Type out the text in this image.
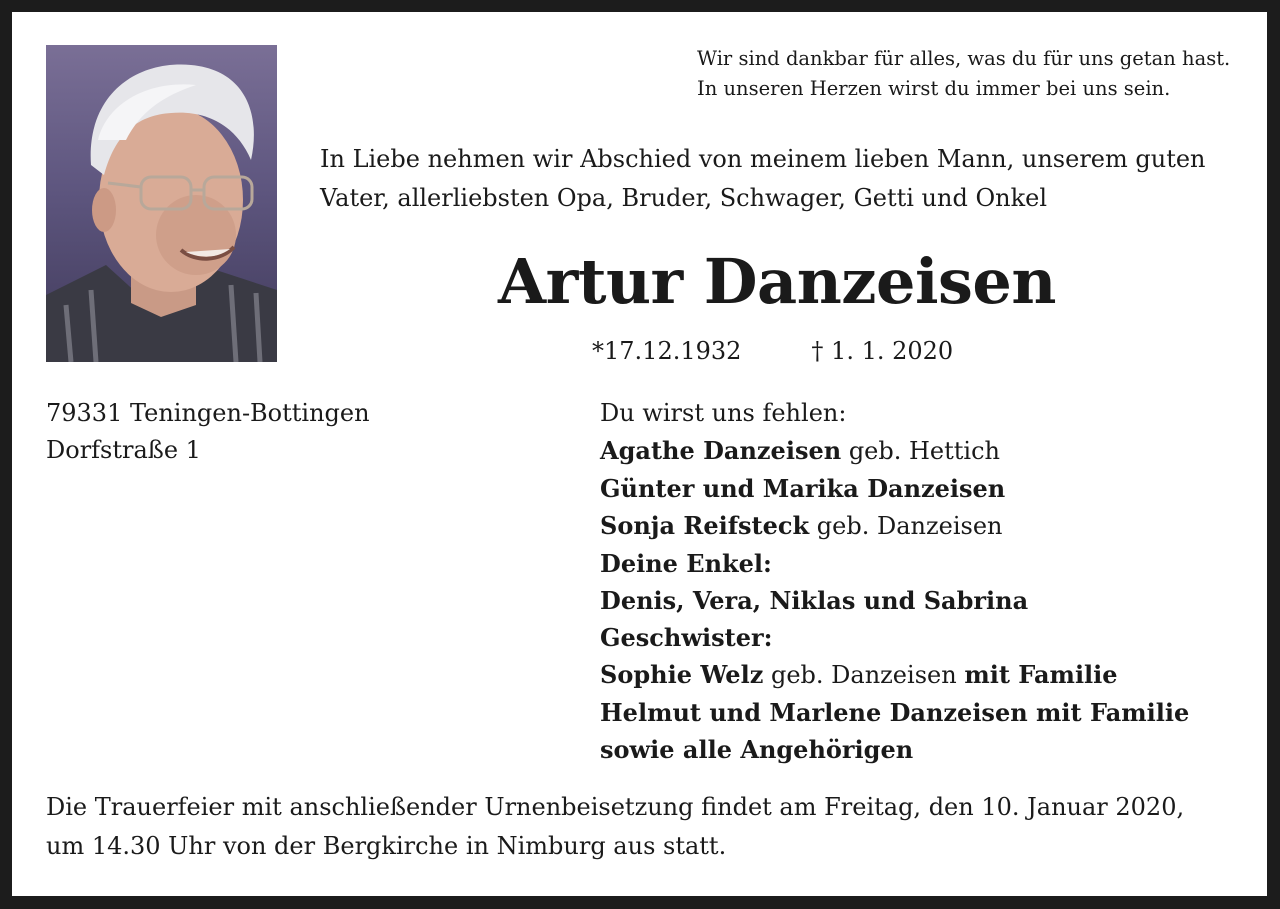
Wir sind dankbar für alles, was du für uns getan hast.
In unseren Herzen wirst du immer bei uns sein.
In Liebe nehmen wir Abschied von meinem lieben Mann, unserem guten
Vater, allerliebsten Opa, Bruder, Schwager, Getti und Onkel
Artur Danzeisen
*17.12.1932	† 1. 1. 2020
79331 Teningen-Bottingen
Dorfstraße 1
Du wirst uns fehlen:
Agathe Danzeisen geb. Hettich
Günter und Marika Danzeisen
Sonja Reifsteck geb. Danzeisen
Deine Enkel:
Denis, Vera, Niklas und Sabrina
Geschwister:
Sophie Welz geb. Danzeisen mit Familie
Helmut und Marlene Danzeisen mit Familie
sowie alle Angehörigen
Die Trauerfeier mit anschließender Urnenbeisetzung findet am Freitag, den 10. Januar 2020,
um 14.30 Uhr von der Bergkirche in Nimburg aus statt.
